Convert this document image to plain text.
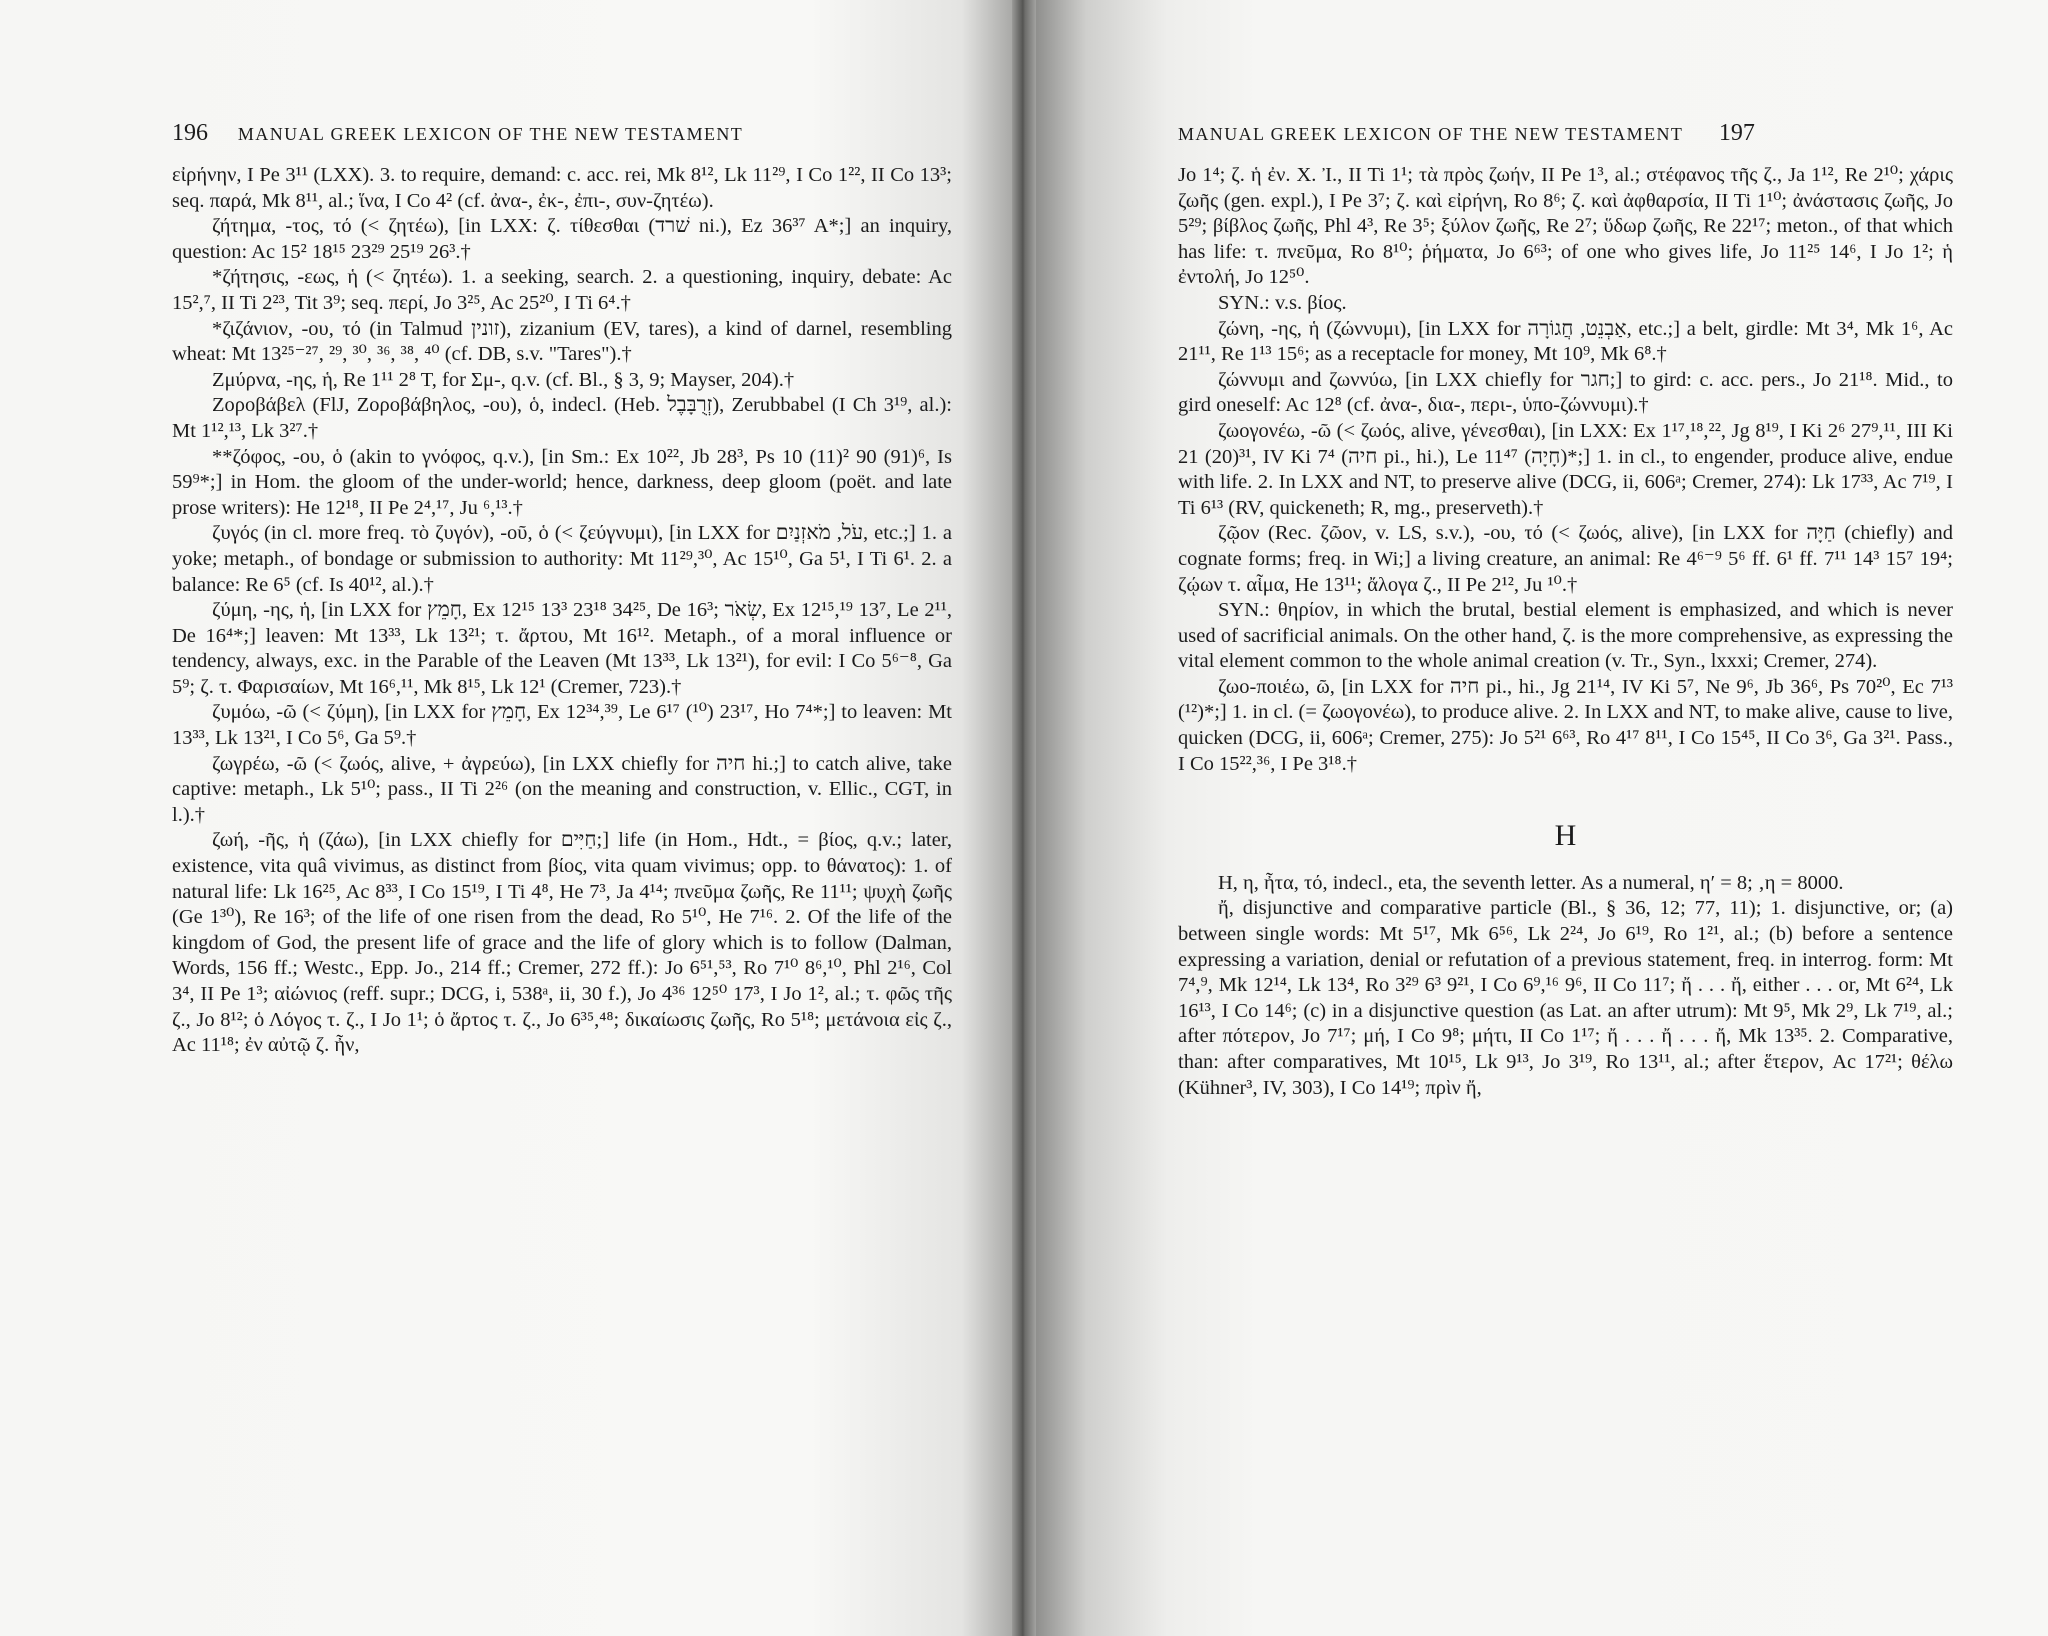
196 MANUAL GREEK LEXICON OF THE NEW TESTAMENT

εἰρήνην, I Pe 3¹¹ (LXX). 3. to require, demand: c. acc. rei, Mk 8¹², Lk 11²⁹, I Co 1²², II Co 13³; seq. παρά, Mk 8¹¹, al.; ἵνα, I Co 4² (cf. ἀνα-, ἐκ-, ἐπι-, συν-ζητέω).

ζήτημα, -τος, τό (< ζητέω), [in LXX: ζ. τίθεσθαι (שׁרד ni.), Ez 36³⁷ A*;] an inquiry, question: Ac 15² 18¹⁵ 23²⁹ 25¹⁹ 26³.†

*ζήτησις, -εως, ἡ (< ζητέω). 1. a seeking, search. 2. a questioning, inquiry, debate: Ac 15²,⁷, II Ti 2²³, Tit 3⁹; seq. περί, Jo 3²⁵, Ac 25²⁰, I Ti 6⁴.†

*ζιζάνιον, -ου, τό (in Talmud זונין), zizanium (EV, tares), a kind of darnel, resembling wheat: Mt 13²⁵⁻²⁷, ²⁹, ³⁰, ³⁶, ³⁸, ⁴⁰ (cf. DB, s.v. "Tares").†

Ζμύρνα, -ης, ἡ, Re 1¹¹ 2⁸ T, for Σμ-, q.v. (cf. Bl., § 3, 9; Mayser, 204).†

Ζοροβάβελ (FlJ, Ζοροβάβηλος, -ου), ὁ, indecl. (Heb. זְרֻבָּבֶל), Zerubbabel (I Ch 3¹⁹, al.): Mt 1¹²,¹³, Lk 3²⁷.†

**ζόφος, -ου, ὁ (akin to γνόφος, q.v.), [in Sm.: Ex 10²², Jb 28³, Ps 10 (11)² 90 (91)⁶, Is 59⁹*;] in Hom. the gloom of the under-world; hence, darkness, deep gloom (poët. and late prose writers): He 12¹⁸, II Pe 2⁴,¹⁷, Ju ⁶,¹³.†

ζυγός (in cl. more freq. τὸ ζυγόν), -οῦ, ὁ (< ζεύγνυμι), [in LXX for עֹל, מֹאזְנַיִם, etc.;] 1. a yoke; metaph., of bondage or submission to authority: Mt 11²⁹,³⁰, Ac 15¹⁰, Ga 5¹, I Ti 6¹. 2. a balance: Re 6⁵ (cf. Is 40¹², al.).†

ζύμη, -ης, ἡ, [in LXX for חָמֵץ, Ex 12¹⁵ 13³ 23¹⁸ 34²⁵, De 16³; שְׂאֹר, Ex 12¹⁵,¹⁹ 13⁷, Le 2¹¹, De 16⁴*;] leaven: Mt 13³³, Lk 13²¹; τ. ἄρτου, Mt 16¹². Metaph., of a moral influence or tendency, always, exc. in the Parable of the Leaven (Mt 13³³, Lk 13²¹), for evil: I Co 5⁶⁻⁸, Ga 5⁹; ζ. τ. Φαρισαίων, Mt 16⁶,¹¹, Mk 8¹⁵, Lk 12¹ (Cremer, 723).†

ζυμόω, -ῶ (< ζύμη), [in LXX for חָמֵץ, Ex 12³⁴,³⁹, Le 6¹⁷ (¹⁰) 23¹⁷, Ho 7⁴*;] to leaven: Mt 13³³, Lk 13²¹, I Co 5⁶, Ga 5⁹.†

ζωγρέω, -ῶ (< ζωός, alive, + ἀγρεύω), [in LXX chiefly for חיה hi.;] to catch alive, take captive: metaph., Lk 5¹⁰; pass., II Ti 2²⁶ (on the meaning and construction, v. Ellic., CGT, in l.).†

ζωή, -ῆς, ἡ (ζάω), [in LXX chiefly for חַיִּים;] life (in Hom., Hdt., = βίος, q.v.; later, existence, vita quâ vivimus, as distinct from βίος, vita quam vivimus; opp. to θάνατος): 1. of natural life: Lk 16²⁵, Ac 8³³, I Co 15¹⁹, I Ti 4⁸, He 7³, Ja 4¹⁴; πνεῦμα ζωῆς, Re 11¹¹; ψυχὴ ζωῆς (Ge 1³⁰), Re 16³; of the life of one risen from the dead, Ro 5¹⁰, He 7¹⁶. 2. Of the life of the kingdom of God, the present life of grace and the life of glory which is to follow (Dalman, Words, 156 ff.; Westc., Epp. Jo., 214 ff.; Cremer, 272 ff.): Jo 6⁵¹,⁵³, Ro 7¹⁰ 8⁶,¹⁰, Phl 2¹⁶, Col 3⁴, II Pe 1³; αἰώνιος (reff. supr.; DCG, i, 538ᵃ, ii, 30 f.), Jo 4³⁶ 12⁵⁰ 17³, I Jo 1², al.; τ. φῶς τῆς ζ., Jo 8¹²; ὁ Λόγος τ. ζ., I Jo 1¹; ὁ ἄρτος τ. ζ., Jo 6³⁵,⁴⁸; δικαίωσις ζωῆς, Ro 5¹⁸; μετάνοια εἰς ζ., Ac 11¹⁸; ἐν αὐτῷ ζ. ἦν,

MANUAL GREEK LEXICON OF THE NEW TESTAMENT 197

Jo 1⁴; ζ. ἡ ἐν. X. Ἰ., II Ti 1¹; τὰ πρὸς ζωήν, II Pe 1³, al.; στέφανος τῆς ζ., Ja 1¹², Re 2¹⁰; χάρις ζωῆς (gen. expl.), I Pe 3⁷; ζ. καὶ εἰρήνη, Ro 8⁶; ζ. καὶ ἀφθαρσία, II Ti 1¹⁰; ἀνάστασις ζωῆς, Jo 5²⁹; βίβλος ζωῆς, Phl 4³, Re 3⁵; ξύλον ζωῆς, Re 2⁷; ὕδωρ ζωῆς, Re 22¹⁷; meton., of that which has life: τ. πνεῦμα, Ro 8¹⁰; ῥήματα, Jo 6⁶³; of one who gives life, Jo 11²⁵ 14⁶, I Jo 1²; ἡ ἐντολή, Jo 12⁵⁰.

SYN.: v.s. βίος.

ζώνη, -ης, ἡ (ζώννυμι), [in LXX for אַבְנֵט, חֲגוֹרָה, etc.;] a belt, girdle: Mt 3⁴, Mk 1⁶, Ac 21¹¹, Re 1¹³ 15⁶; as a receptacle for money, Mt 10⁹, Mk 6⁸.†

ζώννυμι and ζωννύω, [in LXX chiefly for חגר;] to gird: c. acc. pers., Jo 21¹⁸. Mid., to gird oneself: Ac 12⁸ (cf. ἀνα-, δια-, περι-, ὑπο-ζώννυμι).†

ζωογονέω, -ῶ (< ζωός, alive, γένεσθαι), [in LXX: Ex 1¹⁷,¹⁸,²², Jg 8¹⁹, I Ki 2⁶ 27⁹,¹¹, III Ki 21 (20)³¹, IV Ki 7⁴ (חיה pi., hi.), Le 11⁴⁷ (חָיָה)*;] 1. in cl., to engender, produce alive, endue with life. 2. In LXX and NT, to preserve alive (DCG, ii, 606ᵃ; Cremer, 274): Lk 17³³, Ac 7¹⁹, I Ti 6¹³ (RV, quickeneth; R, mg., preserveth).†

ζῷον (Rec. ζῶον, v. LS, s.v.), -ου, τό (< ζωός, alive), [in LXX for חַיָּה (chiefly) and cognate forms; freq. in Wi;] a living creature, an animal: Re 4⁶⁻⁹ 5⁶ ff. 6¹ ff. 7¹¹ 14³ 15⁷ 19⁴; ζῴων τ. αἷμα, He 13¹¹; ἄλογα ζ., II Pe 2¹², Ju ¹⁰.†

SYN.: θηρίον, in which the brutal, bestial element is emphasized, and which is never used of sacrificial animals. On the other hand, ζ. is the more comprehensive, as expressing the vital element common to the whole animal creation (v. Tr., Syn., lxxxi; Cremer, 274).

ζωο-ποιέω, ῶ, [in LXX for חיה pi., hi., Jg 21¹⁴, IV Ki 5⁷, Ne 9⁶, Jb 36⁶, Ps 70²⁰, Ec 7¹³ (¹²)*;] 1. in cl. (= ζωογονέω), to produce alive. 2. In LXX and NT, to make alive, cause to live, quicken (DCG, ii, 606ᵃ; Cremer, 275): Jo 5²¹ 6⁶³, Ro 4¹⁷ 8¹¹, I Co 15⁴⁵, II Co 3⁶, Ga 3²¹. Pass., I Co 15²²,³⁶, I Pe 3¹⁸.†

H

H, η, ἦτα, τό, indecl., eta, the seventh letter. As a numeral, η′ = 8; ‚η = 8000.

ἤ, disjunctive and comparative particle (Bl., § 36, 12; 77, 11); 1. disjunctive, or; (a) between single words: Mt 5¹⁷, Mk 6⁵⁶, Lk 2²⁴, Jo 6¹⁹, Ro 1²¹, al.; (b) before a sentence expressing a variation, denial or refutation of a previous statement, freq. in interrog. form: Mt 7⁴,⁹, Mk 12¹⁴, Lk 13⁴, Ro 3²⁹ 6³ 9²¹, I Co 6⁹,¹⁶ 9⁶, II Co 11⁷; ἤ . . . ἤ, either . . . or, Mt 6²⁴, Lk 16¹³, I Co 14⁶; (c) in a disjunctive question (as Lat. an after utrum): Mt 9⁵, Mk 2⁹, Lk 7¹⁹, al.; after πότερον, Jo 7¹⁷; μή, I Co 9⁸; μήτι, II Co 1¹⁷; ἤ . . . ἤ . . . ἤ, Mk 13³⁵. 2. Comparative, than: after comparatives, Mt 10¹⁵, Lk 9¹³, Jo 3¹⁹, Ro 13¹¹, al.; after ἕτερον, Ac 17²¹; θέλω (Kühner³, IV, 303), I Co 14¹⁹; πρὶν ἤ,
